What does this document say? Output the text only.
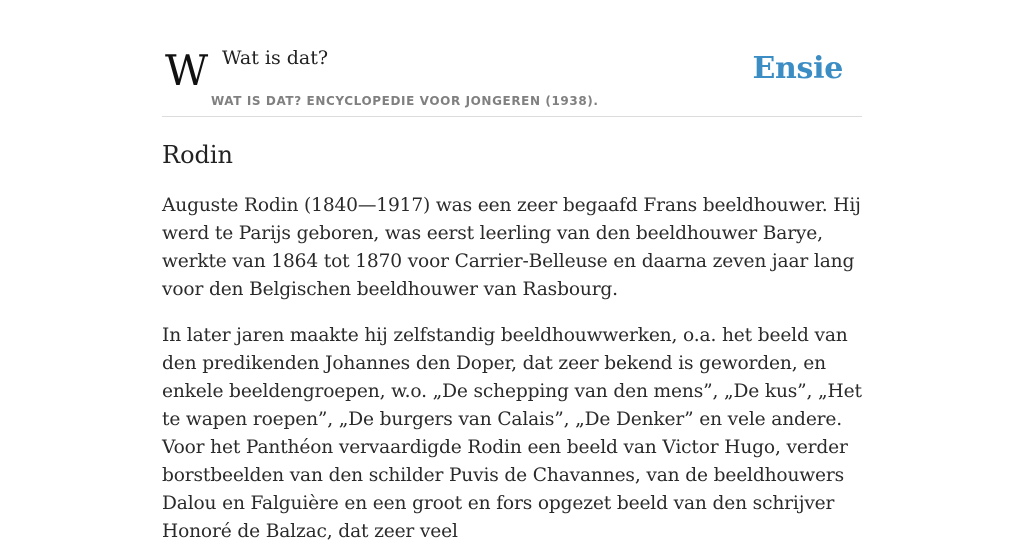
W Wat is dat?
WAT IS DAT? ENCYCLOPEDIE VOOR JONGEREN (1938).
Ensie
Rodin

Auguste Rodin (1840—1917) was een zeer begaafd Frans beeldhouwer. Hij werd te Parijs geboren, was eerst leerling van den beeldhouwer Barye, werkte van 1864 tot 1870 voor Carrier-Belleuse en daarna zeven jaar lang voor den Belgischen beeldhouwer van Rasbourg.

In later jaren maakte hij zelfstandig beeldhouwwerken, o.a. het beeld van den predikenden Johannes den Doper, dat zeer bekend is geworden, en enkele beeldengroepen, w.o. „De schepping van den mens”, „De kus”, „Het te wapen roepen”, „De burgers van Calais”, „De Denker” en vele andere. Voor het Panthéon vervaardigde Rodin een beeld van Victor Hugo, verder borstbeelden van den schilder Puvis de Chavannes, van de beeldhouwers Dalou en Falguière en een groot en fors opgezet beeld van den schrijver Honoré de Balzac, dat zeer veel
